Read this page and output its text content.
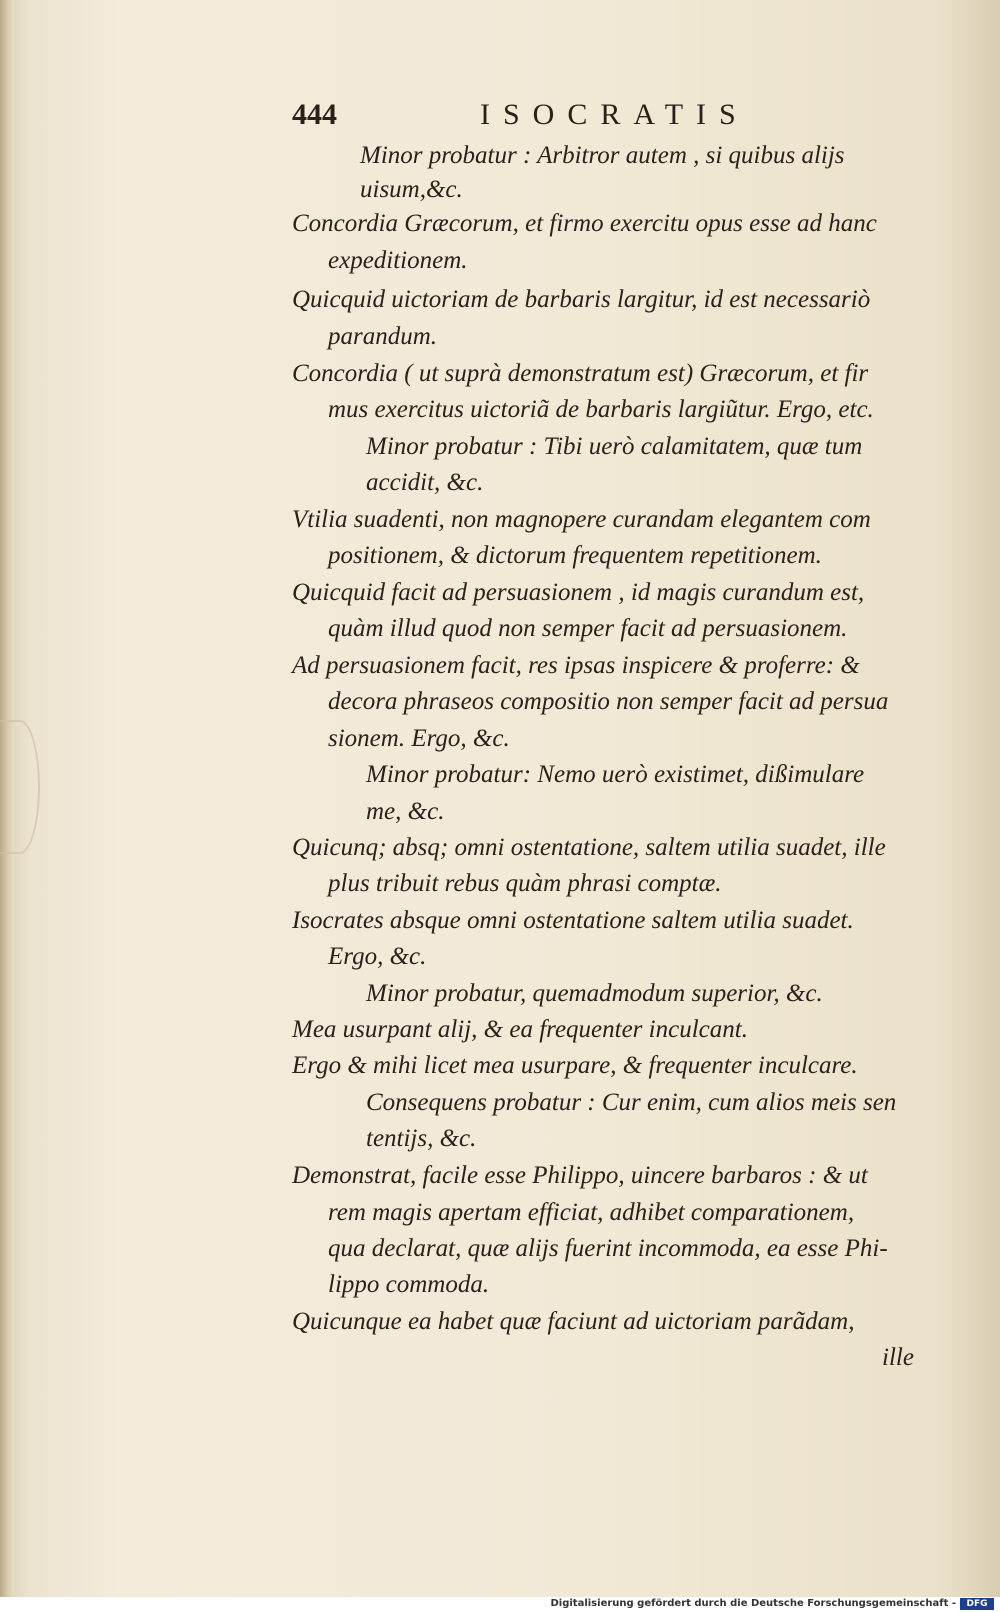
444	ISOCRATIS
Minor probatur : Arbitror autem , si quibus alijs
uisum,&c.
Concordia Græcorum, et firmo exercitu opus esse ad hanc
expeditionem.
Quicquid uictoriam de barbaris largitur, id est necessariò
parandum.
Concordia ( ut suprà demonstratum est) Græcorum, et fir
mus exercitus uictoriã de barbaris largiũtur. Ergo, etc.
Minor probatur : Tibi uerò calamitatem, quæ tum
accidit, &c.
Vtilia suadenti, non magnopere curandam elegantem com
positionem, & dictorum frequentem repetitionem.
Quicquid facit ad persuasionem , id magis curandum est,
quàm illud quod non semper facit ad persuasionem.
Ad persuasionem facit, res ipsas inspicere & proferre: &
decora phraseos compositio non semper facit ad persua
sionem. Ergo, &c.
Minor probatur: Nemo uerò existimet, dißimulare
me, &c.
Quicunq; absq; omni ostentatione, saltem utilia suadet, ille
plus tribuit rebus quàm phrasi comptæ.
Isocrates absque omni ostentatione saltem utilia suadet.
Ergo, &c.
Minor probatur, quemadmodum superior, &c.
Mea usurpant alij, & ea frequenter inculcant.
Ergo & mihi licet mea usurpare, & frequenter inculcare.
Consequens probatur : Cur enim, cum alios meis sen
tentijs, &c.
Demonstrat, facile esse Philippo, uincere barbaros : & ut
rem magis apertam efficiat, adhibet comparationem,
qua declarat, quæ alijs fuerint incommoda, ea esse Phi-
lippo commoda.
Quicunque ea habet quæ faciunt ad uictoriam parãdam,
ille
Digitalisierung gefördert durch die Deutsche Forschungsgemeinschaft -	DFG
